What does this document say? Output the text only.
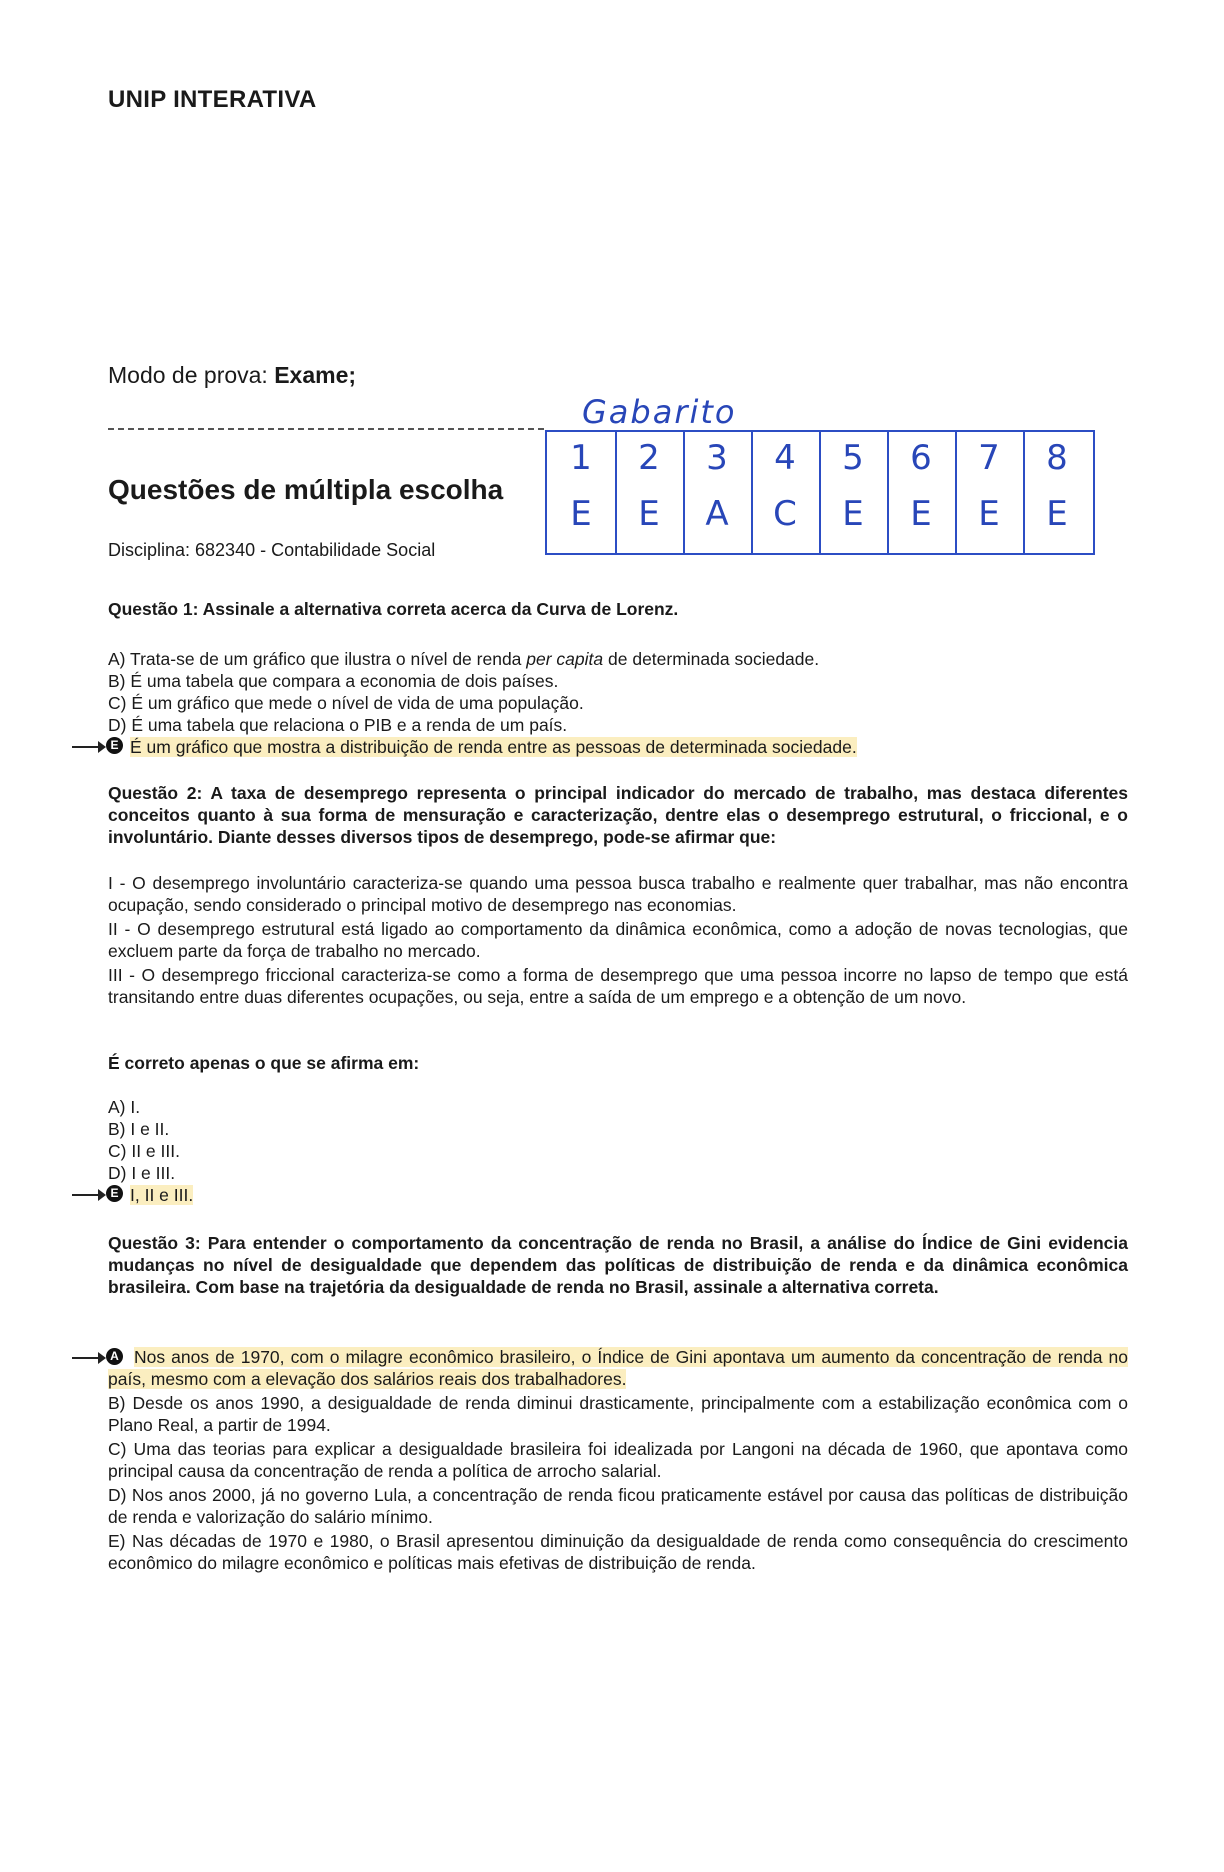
UNIP INTERATIVA
Modo de prova: Exame;
Gabarito
1	2	3	4	5	6	7	8
E	E	A	C	E	E	E	E
Questões de múltipla escolha
Disciplina: 682340 - Contabilidade Social
Questão 1: Assinale a alternativa correta acerca da Curva de Lorenz.
A) Trata-se de um gráfico que ilustra o nível de renda per capita de determinada sociedade.
B) É uma tabela que compara a economia de dois países.
C) É um gráfico que mede o nível de vida de uma população.
D) É uma tabela que relaciona o PIB e a renda de um país.
E É um gráfico que mostra a distribuição de renda entre as pessoas de determinada sociedade.
Questão 2: A taxa de desemprego representa o principal indicador do mercado de trabalho, mas destaca diferentes conceitos quanto à sua forma de mensuração e caracterização, dentre elas o desemprego estrutural, o friccional, e o involuntário. Diante desses diversos tipos de desemprego, pode-se afirmar que:
I - O desemprego involuntário caracteriza-se quando uma pessoa busca trabalho e realmente quer trabalhar, mas não encontra ocupação, sendo considerado o principal motivo de desemprego nas economias.
II - O desemprego estrutural está ligado ao comportamento da dinâmica econômica, como a adoção de novas tecnologias, que excluem parte da força de trabalho no mercado.
III - O desemprego friccional caracteriza-se como a forma de desemprego que uma pessoa incorre no lapso de tempo que está transitando entre duas diferentes ocupações, ou seja, entre a saída de um emprego e a obtenção de um novo.
É correto apenas o que se afirma em:
A) I.
B) I e II.
C) II e III.
D) I e III.
E I, II e III.
Questão 3: Para entender o comportamento da concentração de renda no Brasil, a análise do Índice de Gini evidencia mudanças no nível de desigualdade que dependem das políticas de distribuição de renda e da dinâmica econômica brasileira. Com base na trajetória da desigualdade de renda no Brasil, assinale a alternativa correta.
A Nos anos de 1970, com o milagre econômico brasileiro, o Índice de Gini apontava um aumento da concentração de renda no país, mesmo com a elevação dos salários reais dos trabalhadores.
B) Desde os anos 1990, a desigualdade de renda diminui drasticamente, principalmente com a estabilização econômica com o Plano Real, a partir de 1994.
C) Uma das teorias para explicar a desigualdade brasileira foi idealizada por Langoni na década de 1960, que apontava como principal causa da concentração de renda a política de arrocho salarial.
D) Nos anos 2000, já no governo Lula, a concentração de renda ficou praticamente estável por causa das políticas de distribuição de renda e valorização do salário mínimo.
E) Nas décadas de 1970 e 1980, o Brasil apresentou diminuição da desigualdade de renda como consequência do crescimento econômico do milagre econômico e políticas mais efetivas de distribuição de renda.
